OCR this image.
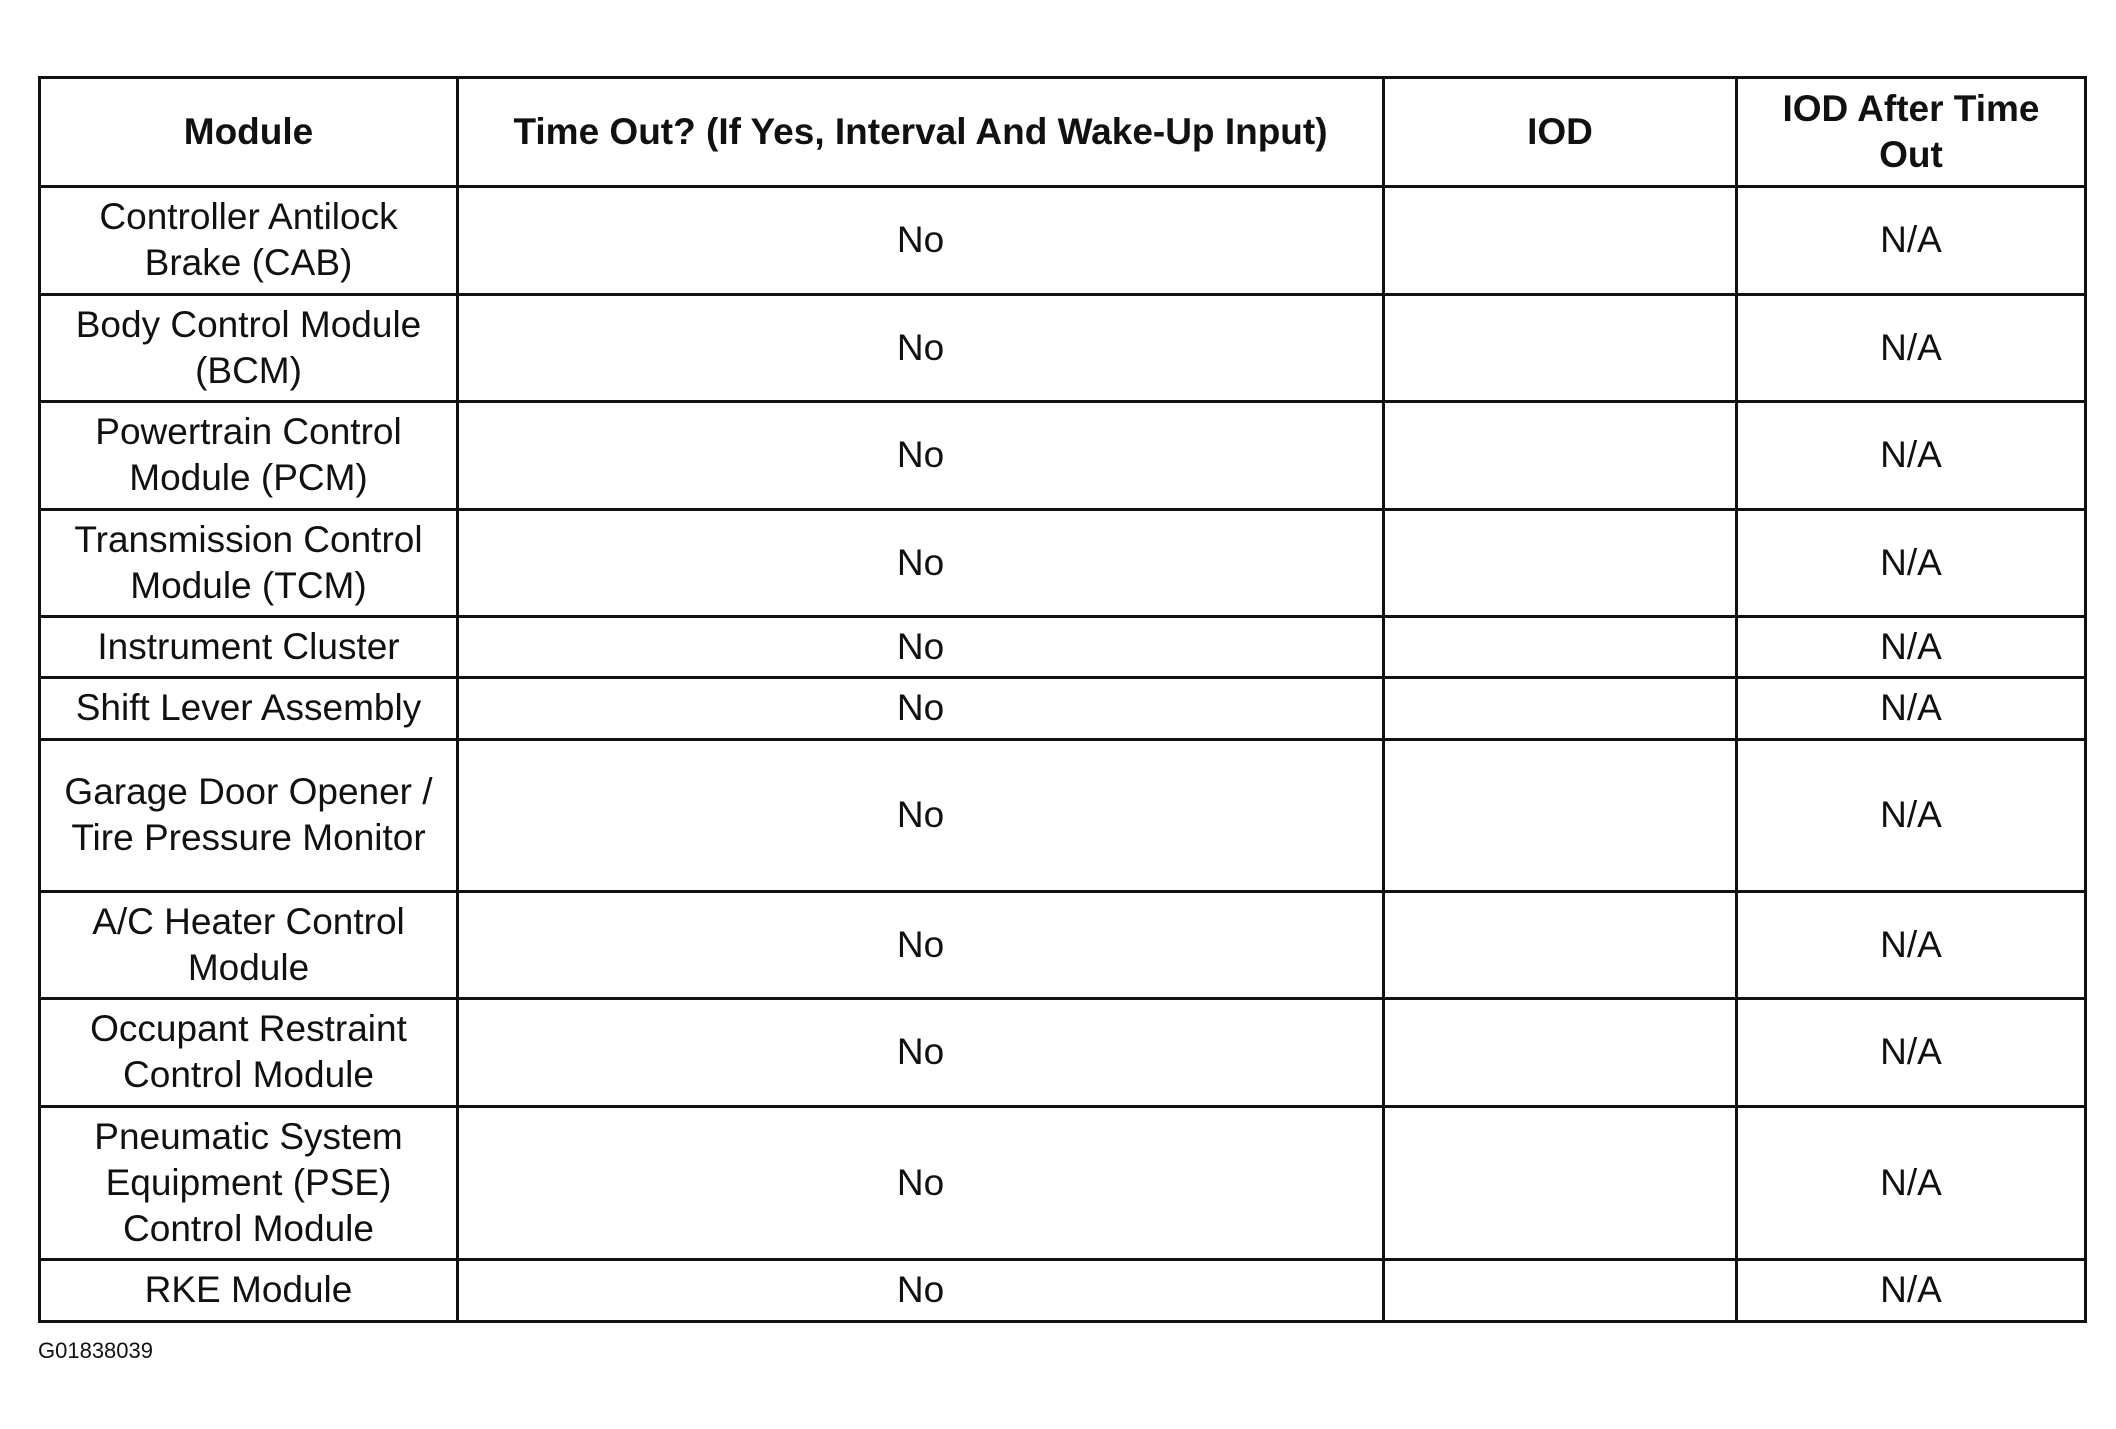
Module	Time Out? (If Yes, Interval And Wake-Up Input)	IOD	IOD After Time Out
Controller Antilock Brake (CAB)	No		N/A
Body Control Module (BCM)	No		N/A
Powertrain Control Module (PCM)	No		N/A
Transmission Control Module (TCM)	No		N/A
Instrument Cluster	No		N/A
Shift Lever Assembly	No		N/A
Garage Door Opener / Tire Pressure Monitor	No		N/A
A/C Heater Control Module	No		N/A
Occupant Restraint Control Module	No		N/A
Pneumatic System Equipment (PSE) Control Module	No		N/A
RKE Module	No		N/A
G01838039
